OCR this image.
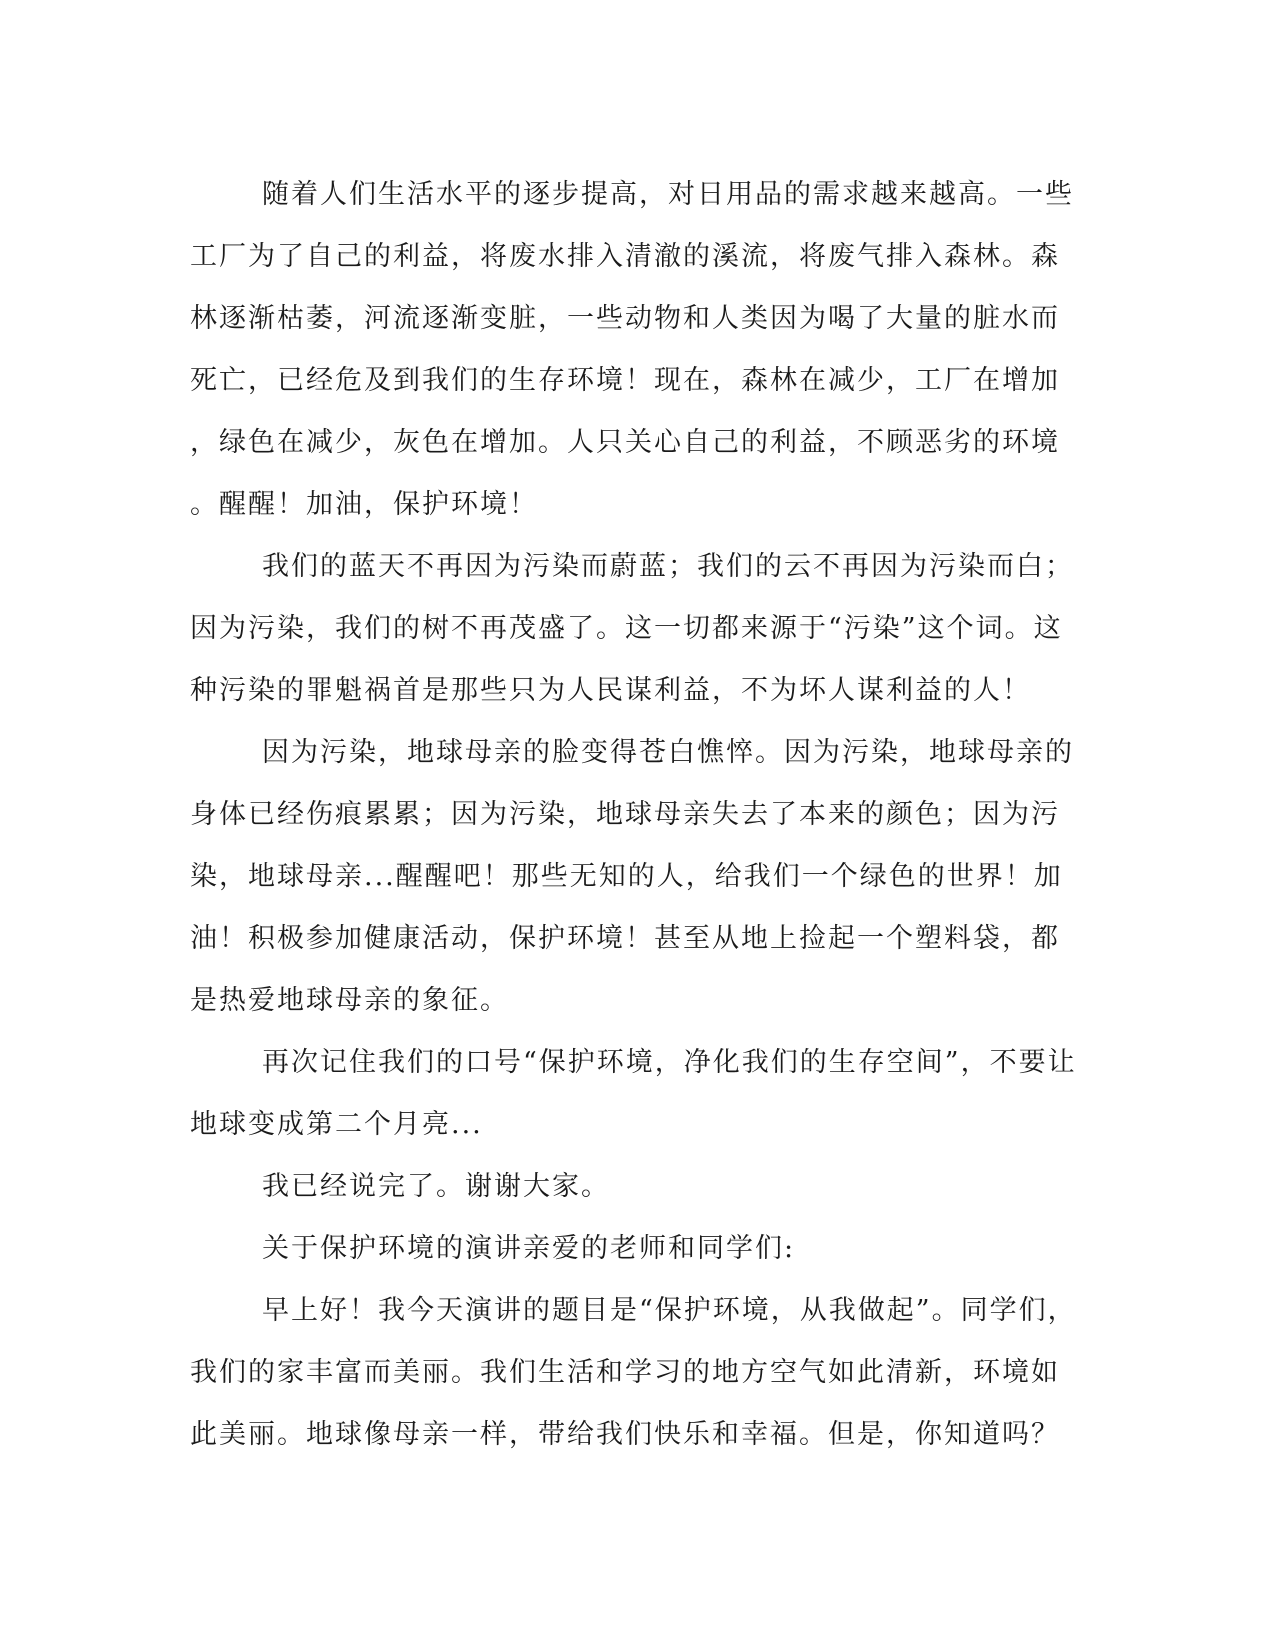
随着人们生活水平的逐步提高，对日用品的需求越来越高。一些
工厂为了自己的利益，将废水排入清澈的溪流，将废气排入森林。森
林逐渐枯萎，河流逐渐变脏，一些动物和人类因为喝了大量的脏水而
死亡，已经危及到我们的生存环境！现在，森林在减少，工厂在增加
，绿色在减少，灰色在增加。人只关心自己的利益，不顾恶劣的环境
。醒醒！加油，保护环境！
我们的蓝天不再因为污染而蔚蓝；我们的云不再因为污染而白；
因为污染，我们的树不再茂盛了。这一切都来源于“污染”这个词。这
种污染的罪魁祸首是那些只为人民谋利益，不为坏人谋利益的人！
因为污染，地球母亲的脸变得苍白憔悴。因为污染，地球母亲的
身体已经伤痕累累；因为污染，地球母亲失去了本来的颜色；因为污
染，地球母亲...醒醒吧！那些无知的人，给我们一个绿色的世界！加
油！积极参加健康活动，保护环境！甚至从地上捡起一个塑料袋，都
是热爱地球母亲的象征。
再次记住我们的口号“保护环境，净化我们的生存空间”，不要让
地球变成第二个月亮...
我已经说完了。谢谢大家。
关于保护环境的演讲亲爱的老师和同学们:
早上好！我今天演讲的题目是“保护环境，从我做起”。同学们，
我们的家丰富而美丽。我们生活和学习的地方空气如此清新，环境如
此美丽。地球像母亲一样，带给我们快乐和幸福。但是，你知道吗？
